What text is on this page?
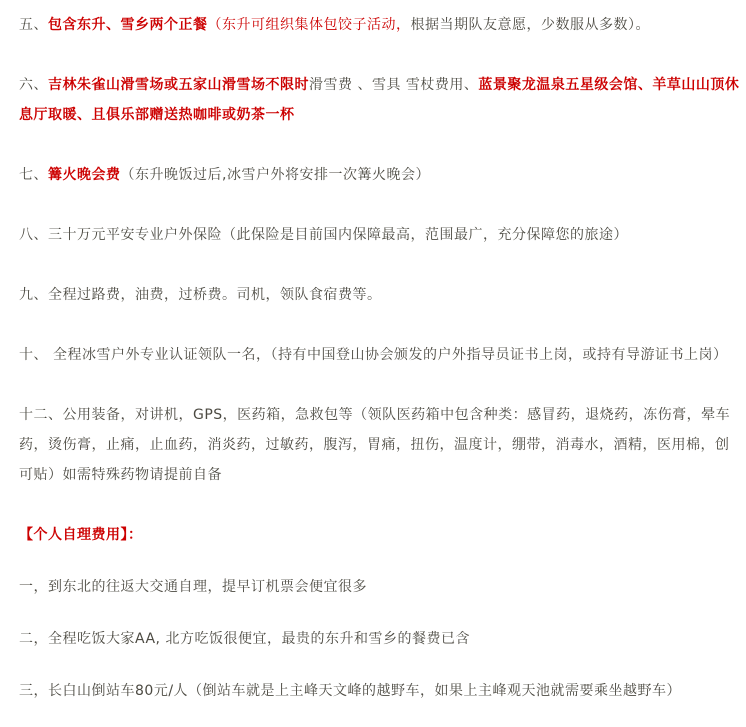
五、包含东升、雪乡两个正餐（东升可组织集体包饺子活动，根据当期队友意愿，少数服从多数）。

六、吉林朱雀山滑雪场或五家山滑雪场不限时滑雪费 、雪具 雪杖费用、蓝景聚龙温泉五星级会馆、羊草山山顶休息厅取暖、且俱乐部赠送热咖啡或奶茶一杯

七、篝火晚会费（东升晚饭过后,冰雪户外将安排一次篝火晚会）

八、三十万元平安专业户外保险（此保险是目前国内保障最高，范围最广，充分保障您的旅途）

九、全程过路费，油费，过桥费。司机，领队食宿费等。

十、 全程冰雪户外专业认证领队一名，（持有中国登山协会颁发的户外指导员证书上岗，或持有导游证书上岗）

十二、公用装备，对讲机，GPS，医药箱，急救包等（领队医药箱中包含种类：感冒药，退烧药，冻伤膏，晕车药，烫伤膏，止痛，止血药，消炎药，过敏药，腹泻，胃痛，扭伤，温度计，绷带，消毒水，酒精，医用棉，创可贴）如需特殊药物请提前自备

【个人自理费用】：

一，到东北的往返大交通自理，提早订机票会便宜很多

二，全程吃饭大家AA, 北方吃饭很便宜，最贵的东升和雪乡的餐费已含

三，长白山倒站车80元/人（倒站车就是上主峰天文峰的越野车，如果上主峰观天池就需要乘坐越野车）
